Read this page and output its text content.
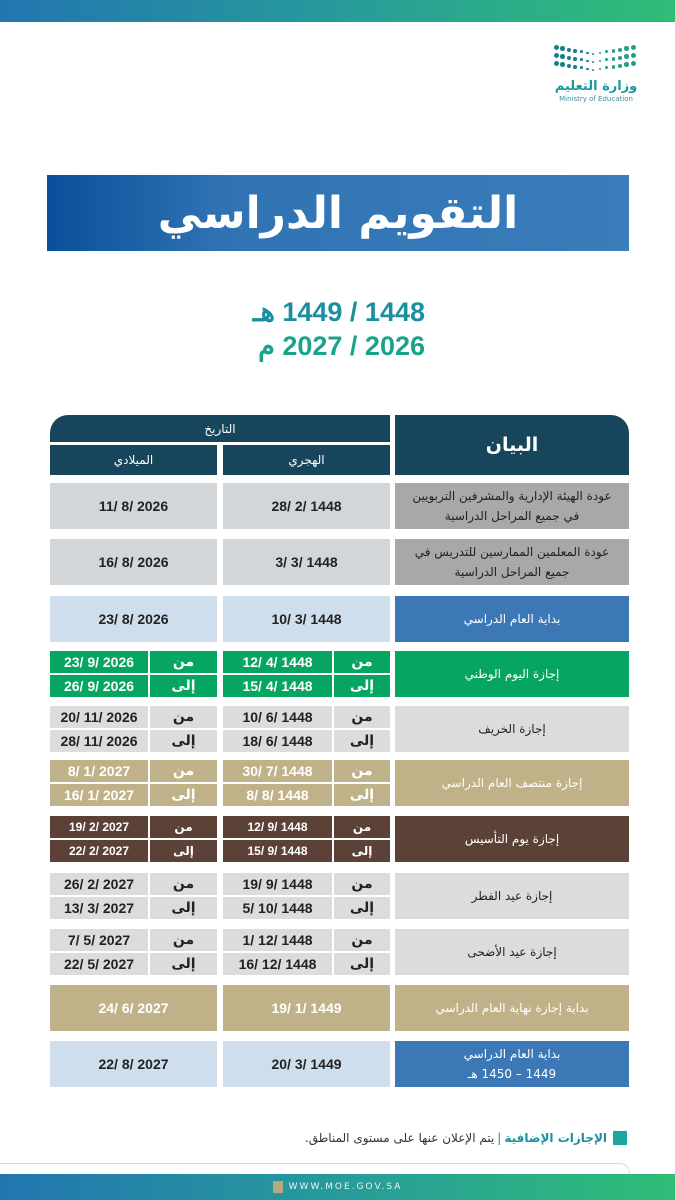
وزارة التعليم
Ministry of Education
التقويم الدراسي
1448 / 1449 هـ
2026 / 2027 م
البيان
التاريخ
الهجري
الميلادي
عودة الهيئة الإدارية والمشرفين التربويين في جميع المراحل الدراسية
28/ 2/ 1448
11/ 8/ 2026
عودة المعلمين الممارسين للتدريس في جميع المراحل الدراسية
3/ 3/ 1448
16/ 8/ 2026
بداية العام الدراسي
10/ 3/ 1448
23/ 8/ 2026
إجازة اليوم الوطني
23/ 9/ 2026
26/ 9/ 2026
من
إلى
12/ 4/ 1448
15/ 4/ 1448
من
إلى
إجازة الخريف
20/ 11/ 2026
28/ 11/ 2026
من
إلى
10/ 6/ 1448
18/ 6/ 1448
من
إلى
إجازة منتصف العام الدراسي
8/ 1/ 2027
16/ 1/ 2027
من
إلى
30/ 7/ 1448
8/ 8/ 1448
من
إلى
إجازة يوم التأسيس
19/ 2/ 2027
22/ 2/ 2027
من
إلى
12/ 9/ 1448
15/ 9/ 1448
من
إلى
إجازة عيد الفطر
26/ 2/ 2027
13/ 3/ 2027
من
إلى
19/ 9/ 1448
5/ 10/ 1448
من
إلى
إجازة عيد الأضحى
7/ 5/ 2027
22/ 5/ 2027
من
إلى
1/ 12/ 1448
16/ 12/ 1448
من
إلى
بداية إجازة نهاية العام الدراسي
19/ 1/ 1449
24/ 6/ 2027
بداية العام الدراسي
1449 – 1450 هـ
20/ 3/ 1449
22/ 8/ 2027
الإجازات الإضافية
|
يتم الإعلان عنها على مستوى المناطق.
WWW.MOE.GOV.SA
